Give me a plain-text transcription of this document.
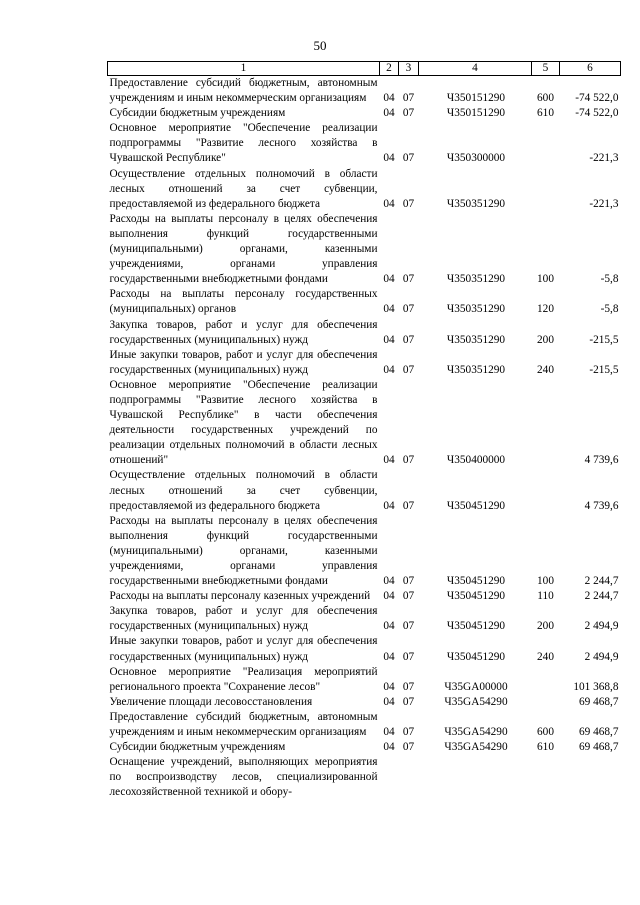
50
1	2	3	4	5	6
Предоставление субсидий бюджетным, автономным учреждениям и иным некоммерческим организациям	04	07	Ч350151290	600	-74 522,0
Субсидии бюджетным учреждениям	04	07	Ч350151290	610	-74 522,0
Основное мероприятие "Обеспечение реализации подпрограммы "Развитие лесного хозяйства в Чувашской Республике"	04	07	Ч350300000		-221,3
Осуществление отдельных полномочий в области лесных отношений за счет субвенции, предоставляемой из федерального бюджета	04	07	Ч350351290		-221,3
Расходы на выплаты персоналу в целях обеспечения выполнения функций государственными (муниципальными) органами, казенными учреждениями, органами управления государственными внебюджетными фондами	04	07	Ч350351290	100	-5,8
Расходы на выплаты персоналу государственных (муниципальных) органов	04	07	Ч350351290	120	-5,8
Закупка товаров, работ и услуг для обеспечения государственных (муниципальных) нужд	04	07	Ч350351290	200	-215,5
Иные закупки товаров, работ и услуг для обеспечения государственных (муниципальных) нужд	04	07	Ч350351290	240	-215,5
Основное мероприятие "Обеспечение реализации подпрограммы "Развитие лесного хозяйства в Чувашской Республике" в части обеспечения деятельности государственных учреждений по реализации отдельных полномочий в области лесных отношений"	04	07	Ч350400000		4 739,6
Осуществление отдельных полномочий в области лесных отношений за счет субвенции, предоставляемой из федерального бюджета	04	07	Ч350451290		4 739,6
Расходы на выплаты персоналу в целях обеспечения выполнения функций государственными (муниципальными) органами, казенными учреждениями, органами управления государственными внебюджетными фондами	04	07	Ч350451290	100	2 244,7
Расходы на выплаты персоналу казенных учреждений	04	07	Ч350451290	110	2 244,7
Закупка товаров, работ и услуг для обеспечения государственных (муниципальных) нужд	04	07	Ч350451290	200	2 494,9
Иные закупки товаров, работ и услуг для обеспечения государственных (муниципальных) нужд	04	07	Ч350451290	240	2 494,9
Основное мероприятие "Реализация мероприятий регионального проекта "Сохранение лесов"	04	07	Ч35GA00000		101 368,8
Увеличение площади лесовосстановления	04	07	Ч35GA54290		69 468,7
Предоставление субсидий бюджетным, автономным учреждениям и иным некоммерческим организациям	04	07	Ч35GA54290	600	69 468,7
Субсидии бюджетным учреждениям	04	07	Ч35GA54290	610	69 468,7
Оснащение учреждений, выполняющих мероприятия по воспроизводству лесов, специализированной лесохозяйственной техникой и обору-					
